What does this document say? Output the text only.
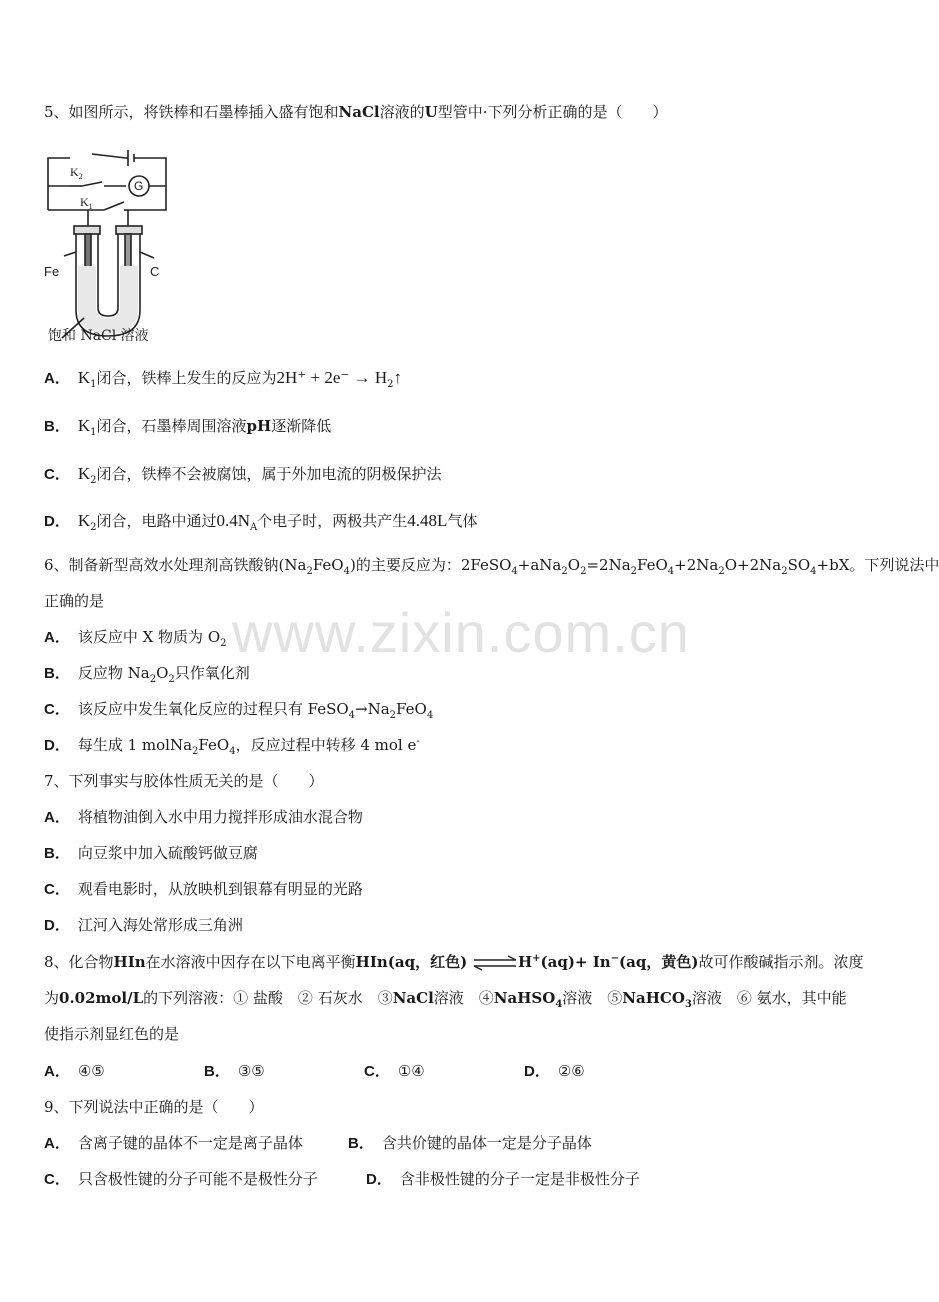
www.zixin.com.cn
5、如图所示，将铁棒和石墨棒插入盛有饱和NaCl溶液的U型管中·下列分析正确的是（　　）
$K_2$
$K_1$
G
Fe	C
饱和 NaCl 溶液
A． $K_1$闭合，铁棒上发生的反应为$2H^+ + 2e^- \to H_2↑$
B． $K_1$闭合，石墨棒周围溶液pH逐渐降低
C． $K_2$闭合，铁棒不会被腐蚀，属于外加电流的阴极保护法
D． $K_2$闭合，电路中通过$0.4N_A$个电子时，两极共产生4.48L气体
6、制备新型高效水处理剂高铁酸钠$(Na_2FeO_4)$的主要反应为：$2FeSO_4+aNa_2O_2=2Na_2FeO_4+2Na_2O+2Na_2SO_4+bX$。下列说法中
正确的是
A． 该反应中 X 物质为 $O_2$
B． 反应物 $Na_2O_2$只作氧化剂
C． 该反应中发生氧化反应的过程只有 $FeSO_4\to Na_2FeO_4$
D． 每生成 1 molNa$_2$FeO$_4$，反应过程中转移 4 mol e-
7、下列事实与胶体性质无关的是（　　）
A． 将植物油倒入水中用力搅拌形成油水混合物
B． 向豆浆中加入硫酸钙做豆腐
C． 观看电影时，从放映机到银幕有明显的光路
D． 江河入海处常形成三角洲
8、化合物HIn在水溶液中因存在以下电离平衡HIn(aq，红色) ⇌H+(aq)+ In−(aq，黄色)故可作酸碱指示剂。浓度
为0.02mol/L的下列溶液：① 盐酸　② 石灰水　③NaCl溶液　④NaHSO$_4$溶液　⑤NaHCO$_3$溶液　⑥ 氨水，其中能
使指示剂显红色的是
A． ④⑤	B． ③⑤	C． ①④	D． ②⑥
9、下列说法中正确的是（　　）
A． 含离子键的晶体不一定是离子晶体	B． 含共价键的晶体一定是分子晶体
C． 只含极性键的分子可能不是极性分子	D． 含非极性键的分子一定是非极性分子
